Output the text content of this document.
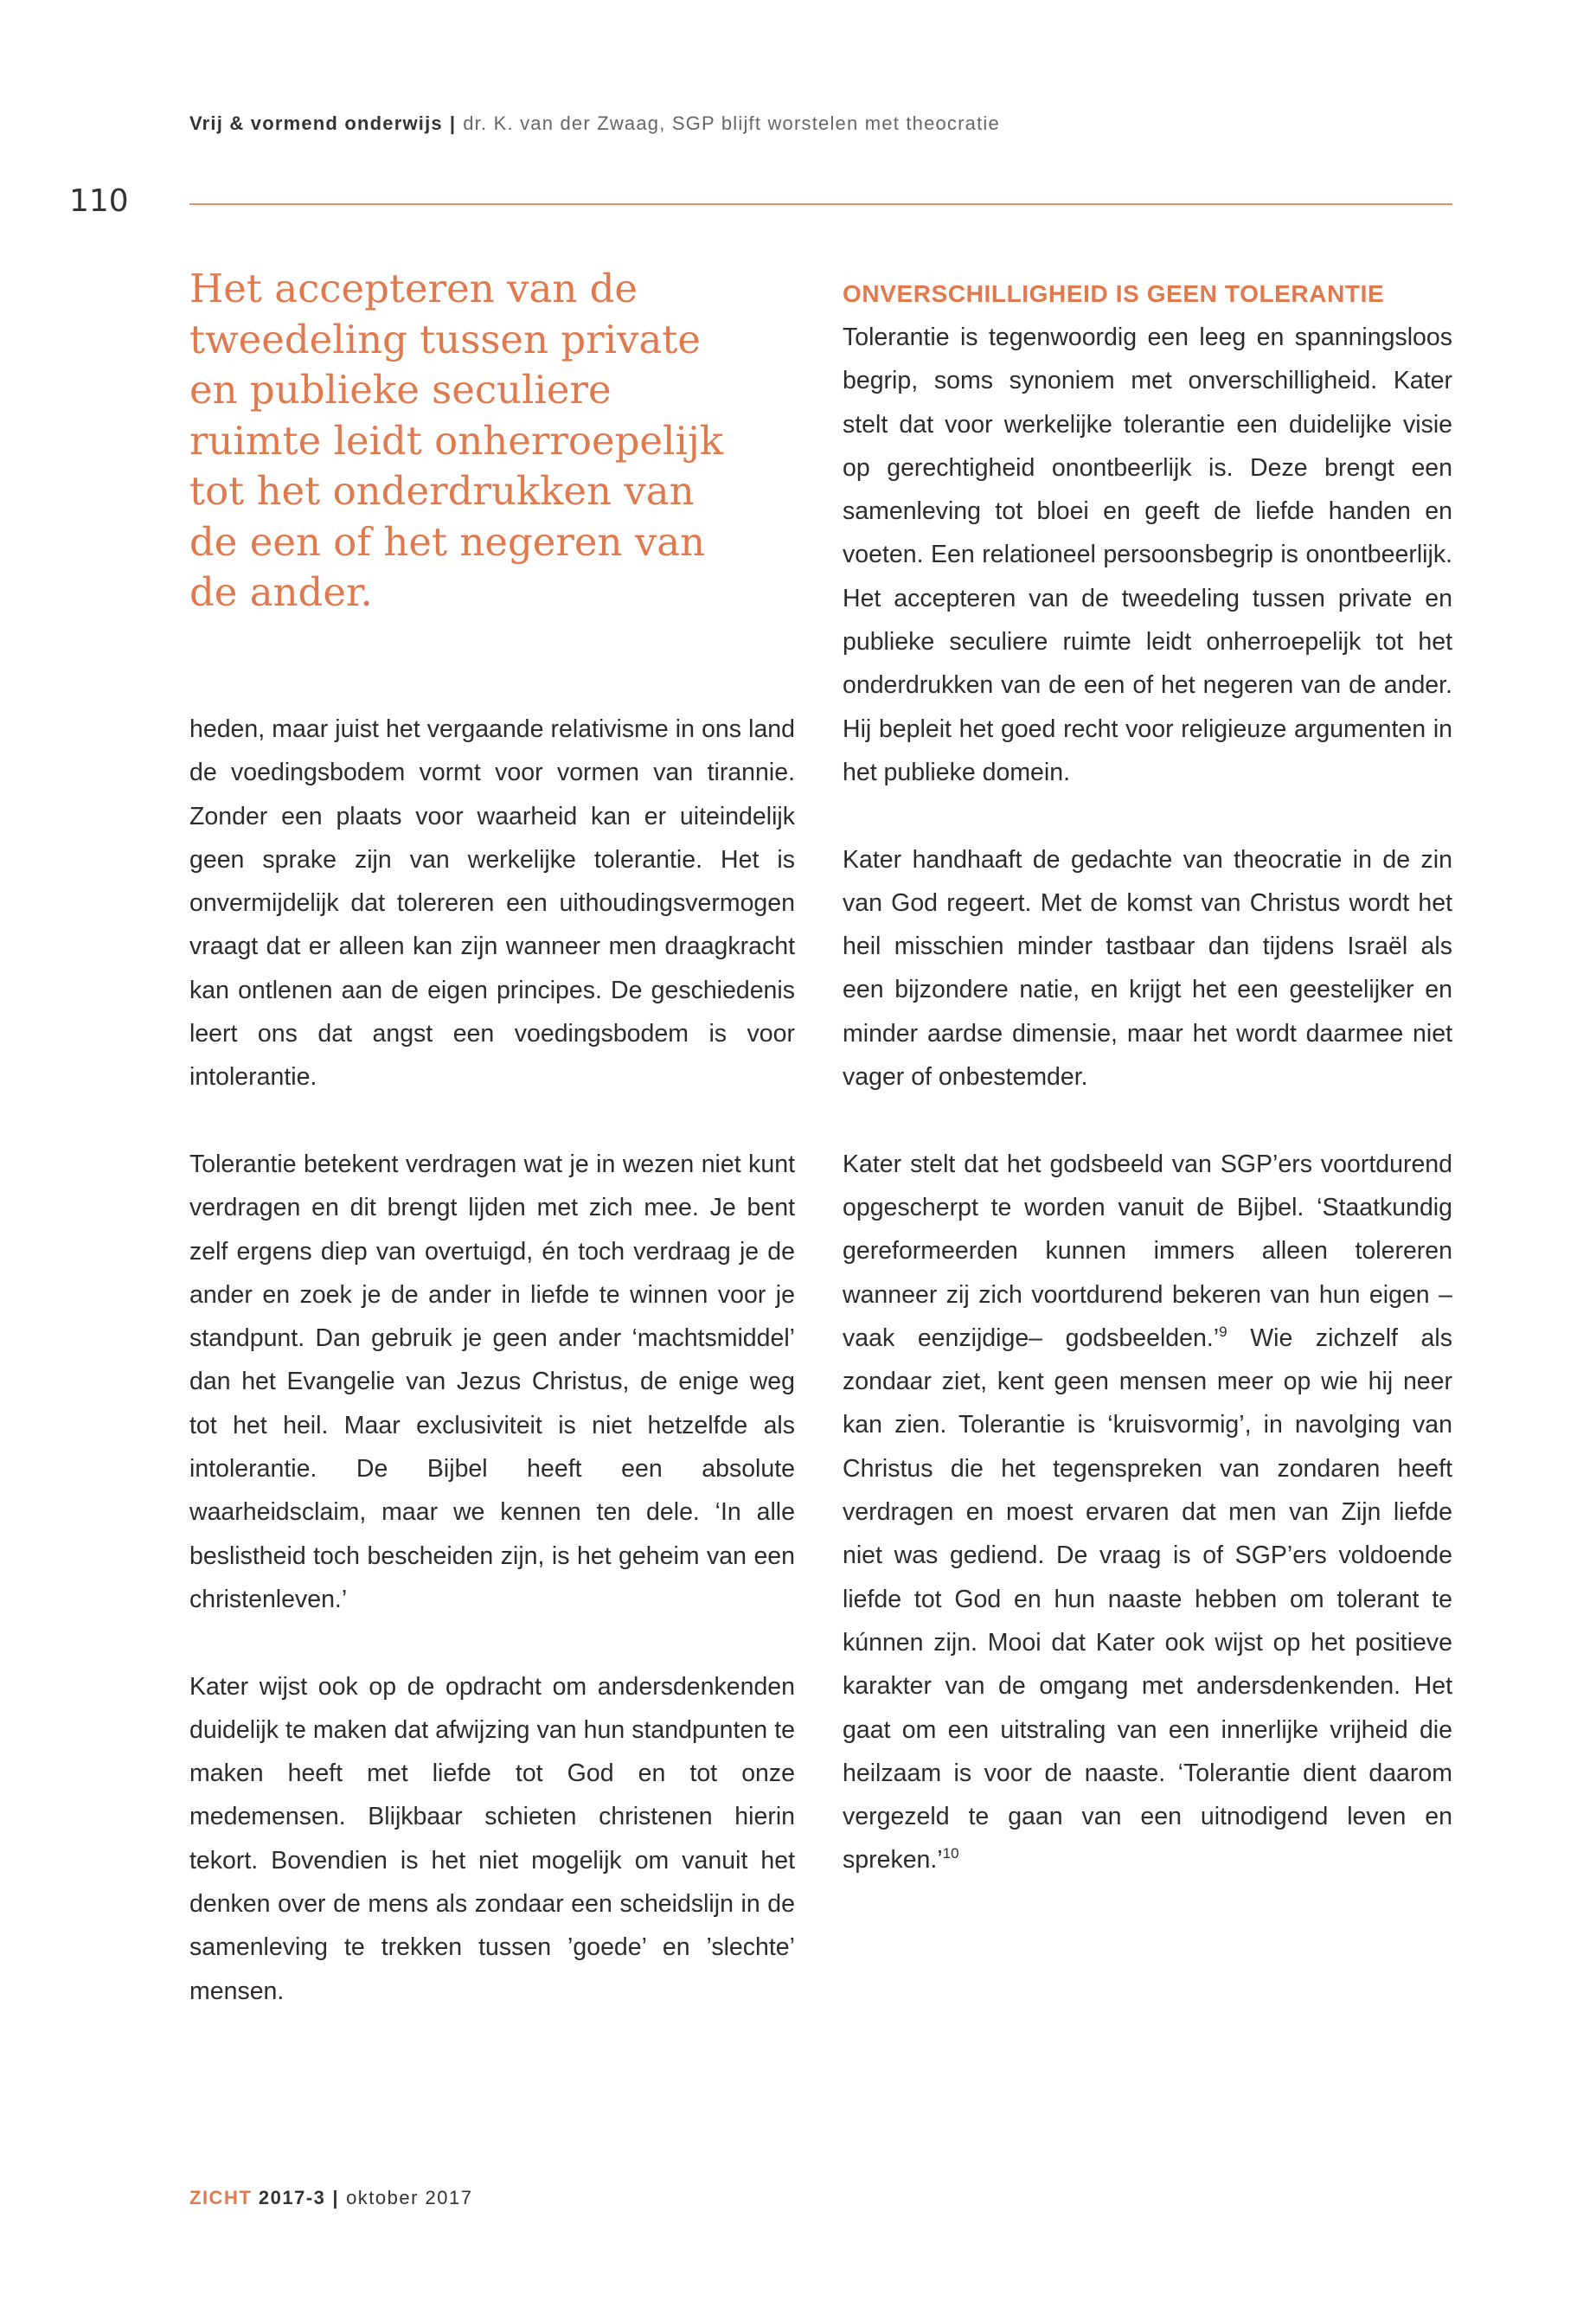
Vrij & vormend onderwijs | dr. K. van der Zwaag, SGP blijft worstelen met theocratie
110
Het accepteren van de
tweedeling tussen private
en publieke seculiere
ruimte leidt onherroepelijk
tot het onderdrukken van
de een of het negeren van
de ander.

heden, maar juist het vergaande relativisme in ons land de voedingsbodem vormt voor vormen van tirannie. Zonder een plaats voor waarheid kan er uiteindelijk geen sprake zijn van werkelijke tolerantie. Het is onvermijdelijk dat tolereren een uithoudingsvermogen vraagt dat er alleen kan zijn wanneer men draagkracht kan ontlenen aan de eigen principes. De geschiedenis leert ons dat angst een voedingsbodem is voor intolerantie.

Tolerantie betekent verdragen wat je in wezen niet kunt verdragen en dit brengt lijden met zich mee. Je bent zelf ergens diep van overtuigd, én toch verdraag je de ander en zoek je de ander in liefde te winnen voor je standpunt. Dan gebruik je geen ander ‘machtsmiddel’ dan het Evangelie van Jezus Christus, de enige weg tot het heil. Maar exclusiviteit is niet hetzelfde als intolerantie. De Bijbel heeft een absolute waarheidsclaim, maar we kennen ten dele. ‘In alle beslistheid toch bescheiden zijn, is het geheim van een christenleven.’

Kater wijst ook op de opdracht om andersdenkenden duidelijk te maken dat afwijzing van hun standpunten te maken heeft met liefde tot God en tot onze medemensen. Blijkbaar schieten christenen hierin tekort. Bovendien is het niet mogelijk om vanuit het denken over de mens als zondaar een scheidslijn in de samenleving te trekken tussen ’goede’ en ’slechte’ mensen.

ONVERSCHILLIGHEID IS GEEN TOLERANTIE

Tolerantie is tegenwoordig een leeg en spanningsloos begrip, soms synoniem met onverschilligheid. Kater stelt dat voor werkelijke tolerantie een duidelijke visie op gerechtigheid onontbeerlijk is. Deze brengt een samenleving tot bloei en geeft de liefde handen en voeten. Een relationeel persoonsbegrip is onontbeerlijk. Het accepteren van de tweedeling tussen private en publieke seculiere ruimte leidt onherroepelijk tot het onderdrukken van de een of het negeren van de ander. Hij bepleit het goed recht voor religieuze argumenten in het publieke domein.

Kater handhaaft de gedachte van theocratie in de zin van God regeert. Met de komst van Christus wordt het heil misschien minder tastbaar dan tijdens Israël als een bijzondere natie, en krijgt het een geestelijker en minder aardse dimensie, maar het wordt daarmee niet vager of onbestemder.

Kater stelt dat het godsbeeld van SGP’ers voortdurend opgescherpt te worden vanuit de Bijbel. ‘Staatkundig gereformeerden kunnen immers alleen tolereren wanneer zij zich voortdurend bekeren van hun eigen –vaak eenzijdige– godsbeelden.’$^9$ Wie zichzelf als zondaar ziet, kent geen mensen meer op wie hij neer kan zien. Tolerantie is ‘kruisvormig’, in navolging van Christus die het tegenspreken van zondaren heeft verdragen en moest ervaren dat men van Zijn liefde niet was gediend. De vraag is of SGP’ers voldoende liefde tot God en hun naaste hebben om tolerant te kúnnen zijn. Mooi dat Kater ook wijst op het positieve karakter van de omgang met andersdenkenden. Het gaat om een uitstraling van een innerlijke vrijheid die heilzaam is voor de naaste. ‘Tolerantie dient daarom vergezeld te gaan van een uitnodigend leven en spreken.’$^{10}$

ZICHT 2017-3 | oktober 2017
